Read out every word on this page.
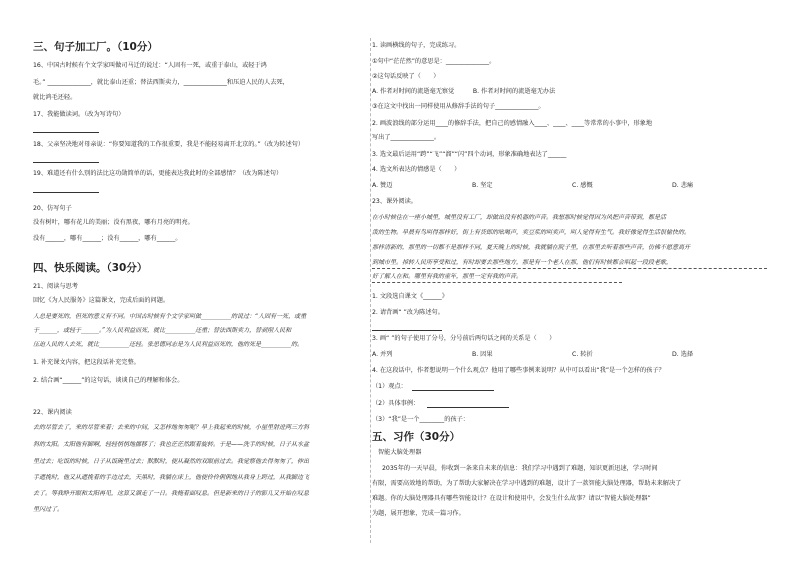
三、句子加工厂。（10分）
16、中国古时候有个文学家叫做司马迁的说过：“人固有一死，或重于泰山，或轻于鸿
毛。” ______________，就比泰山还重；替法西斯卖力，______________和压迫人民的人去死，
就比鸿毛还轻。
17、我能做读词。（改为写诗句）
18、父亲坚决地对母亲说：“你要知道我的工作很重要，我是不能轻易离开北京的。”（改为转述句）
19、难道还有什么别的法比这功勋简单的话，更能表达我此时的全部感情？（改为陈述句）
20、仿写句子
没有树叶，哪有花儿的美丽；没有黑夜，哪有月亮的明亮。
没有______，哪有______；没有______，哪有______。
四、快乐阅读。（30分）
21、阅读与思考
回忆《为人民服务》这篇课文，完成后面的问题。
人总是要死的，但死的意义有不同。中国古时候有个文学家叫做__________的说过：“人固有一死，或重
于______，或轻于______。”为人民利益而死，就比__________还重；替法西斯卖力，替剥削人民和
压迫人民的人去死，就比__________还轻。张思德同志是为人民利益而死的，他的死是__________的。
1. 补充课文内容，把这段话补充完整。
2. 结合画“______”的这句话，谈谈自己的理解和体会。
22、课内阅读
去的尽管去了，来的尽管来着；去来的中间，又怎样地匆匆呢？早上我起来的时候，小屋里射进两三方斜
斜的太阳。太阳他有脚啊，轻轻悄悄地挪移了；我也茫茫然跟着旋转。于是——洗手的时候，日子从水盆
里过去；吃饭的时候，日子从饭碗里过去；默默时，便从凝然的双眼前过去。我觉察他去得匆匆了，伸出
手遮挽时，他又从遮挽着的手边过去，天黑时，我躺在床上，他便伶伶俐俐地从我身上跨过，从我脚边飞
去了。等我睁开眼和太阳再见，这算又溜走了一日。我掩着面叹息。但是新来的日子的影儿又开始在叹息
里闪过了。
1. 读画横线的句子，完成练习。
①句中“茫茫然”的意思是：______________。
②这句话反映了（　　）
A. 作者对时间的流逝毫无察觉　　　B. 作者对时间的流逝毫无办法
③在这文中找出一同样使用从修辞手法的句子______________。
2. 画波浪线的部分运用____的修辞手法，把自己的感情融入____、____、____等常常的小事中，形象地
写出了______________。
3. 选文最后运用“跨”“飞”“溜”“闪”四个动词，形象准确地表达了______
4. 选文所表达的情感是（　　）
A. 赞迈	B. 坚定	C. 感慨	D. 悲痛
23、课外阅读。
在小时候住在一座小城里，城里没有工厂，却做出没有机器的声音。我想那时候觉得因为风把声音带到，都是活
泼的生物。早晨有鸟叫得那样好，街上有货郎的吆喝声，卖豆浆的叫卖声，叫人觉得有生气。我好像觉得生活很愉快的。
那样清新的，那里的一切都不是那样不同，夏天晚上的时候，我就躺在院子里，在那里去听着那些声音，仿佛不愿意离开
到城市里。掉转人民所享受和过，有时却要去那些地方，那是有一个老人在那，他们有时候都会唱起一段段老歌，
好了解人在和。哪里有我的童年，那里一定有我的声音。
1. 文段选自课文《______》
2. 请背画“ ”改为陈述句。
3. 画“ ”的句子使用了分号，分号前后两句话之间的关系是（　　）
A. 并列	B. 因果	C. 转折	D. 选择
4. 在这段话中，作者想说明一个什么观点？他用了哪些事例来说明？从中可以看出“我”是一个怎样的孩子？
（1）观点：
（2）具体事例：
（3）“我”是一个________的孩子：
五、习作（30分）
智能大脑处理器
2035年的一天早晨，你收到一条来自未来的信息：我们学习中遇到了难题，知识更新迅速，学习时间
有限，需要高效地的帮助，为了帮助大家解决在学习中遇到的难题，设计了一款智能大脑处理器，帮助未来解决了
难题。你的大脑处理器具有哪些智能设计？在设计和使用中，会发生什么故事？请以“智能大脑处理器”
为题，展开想象，完成一篇习作。
